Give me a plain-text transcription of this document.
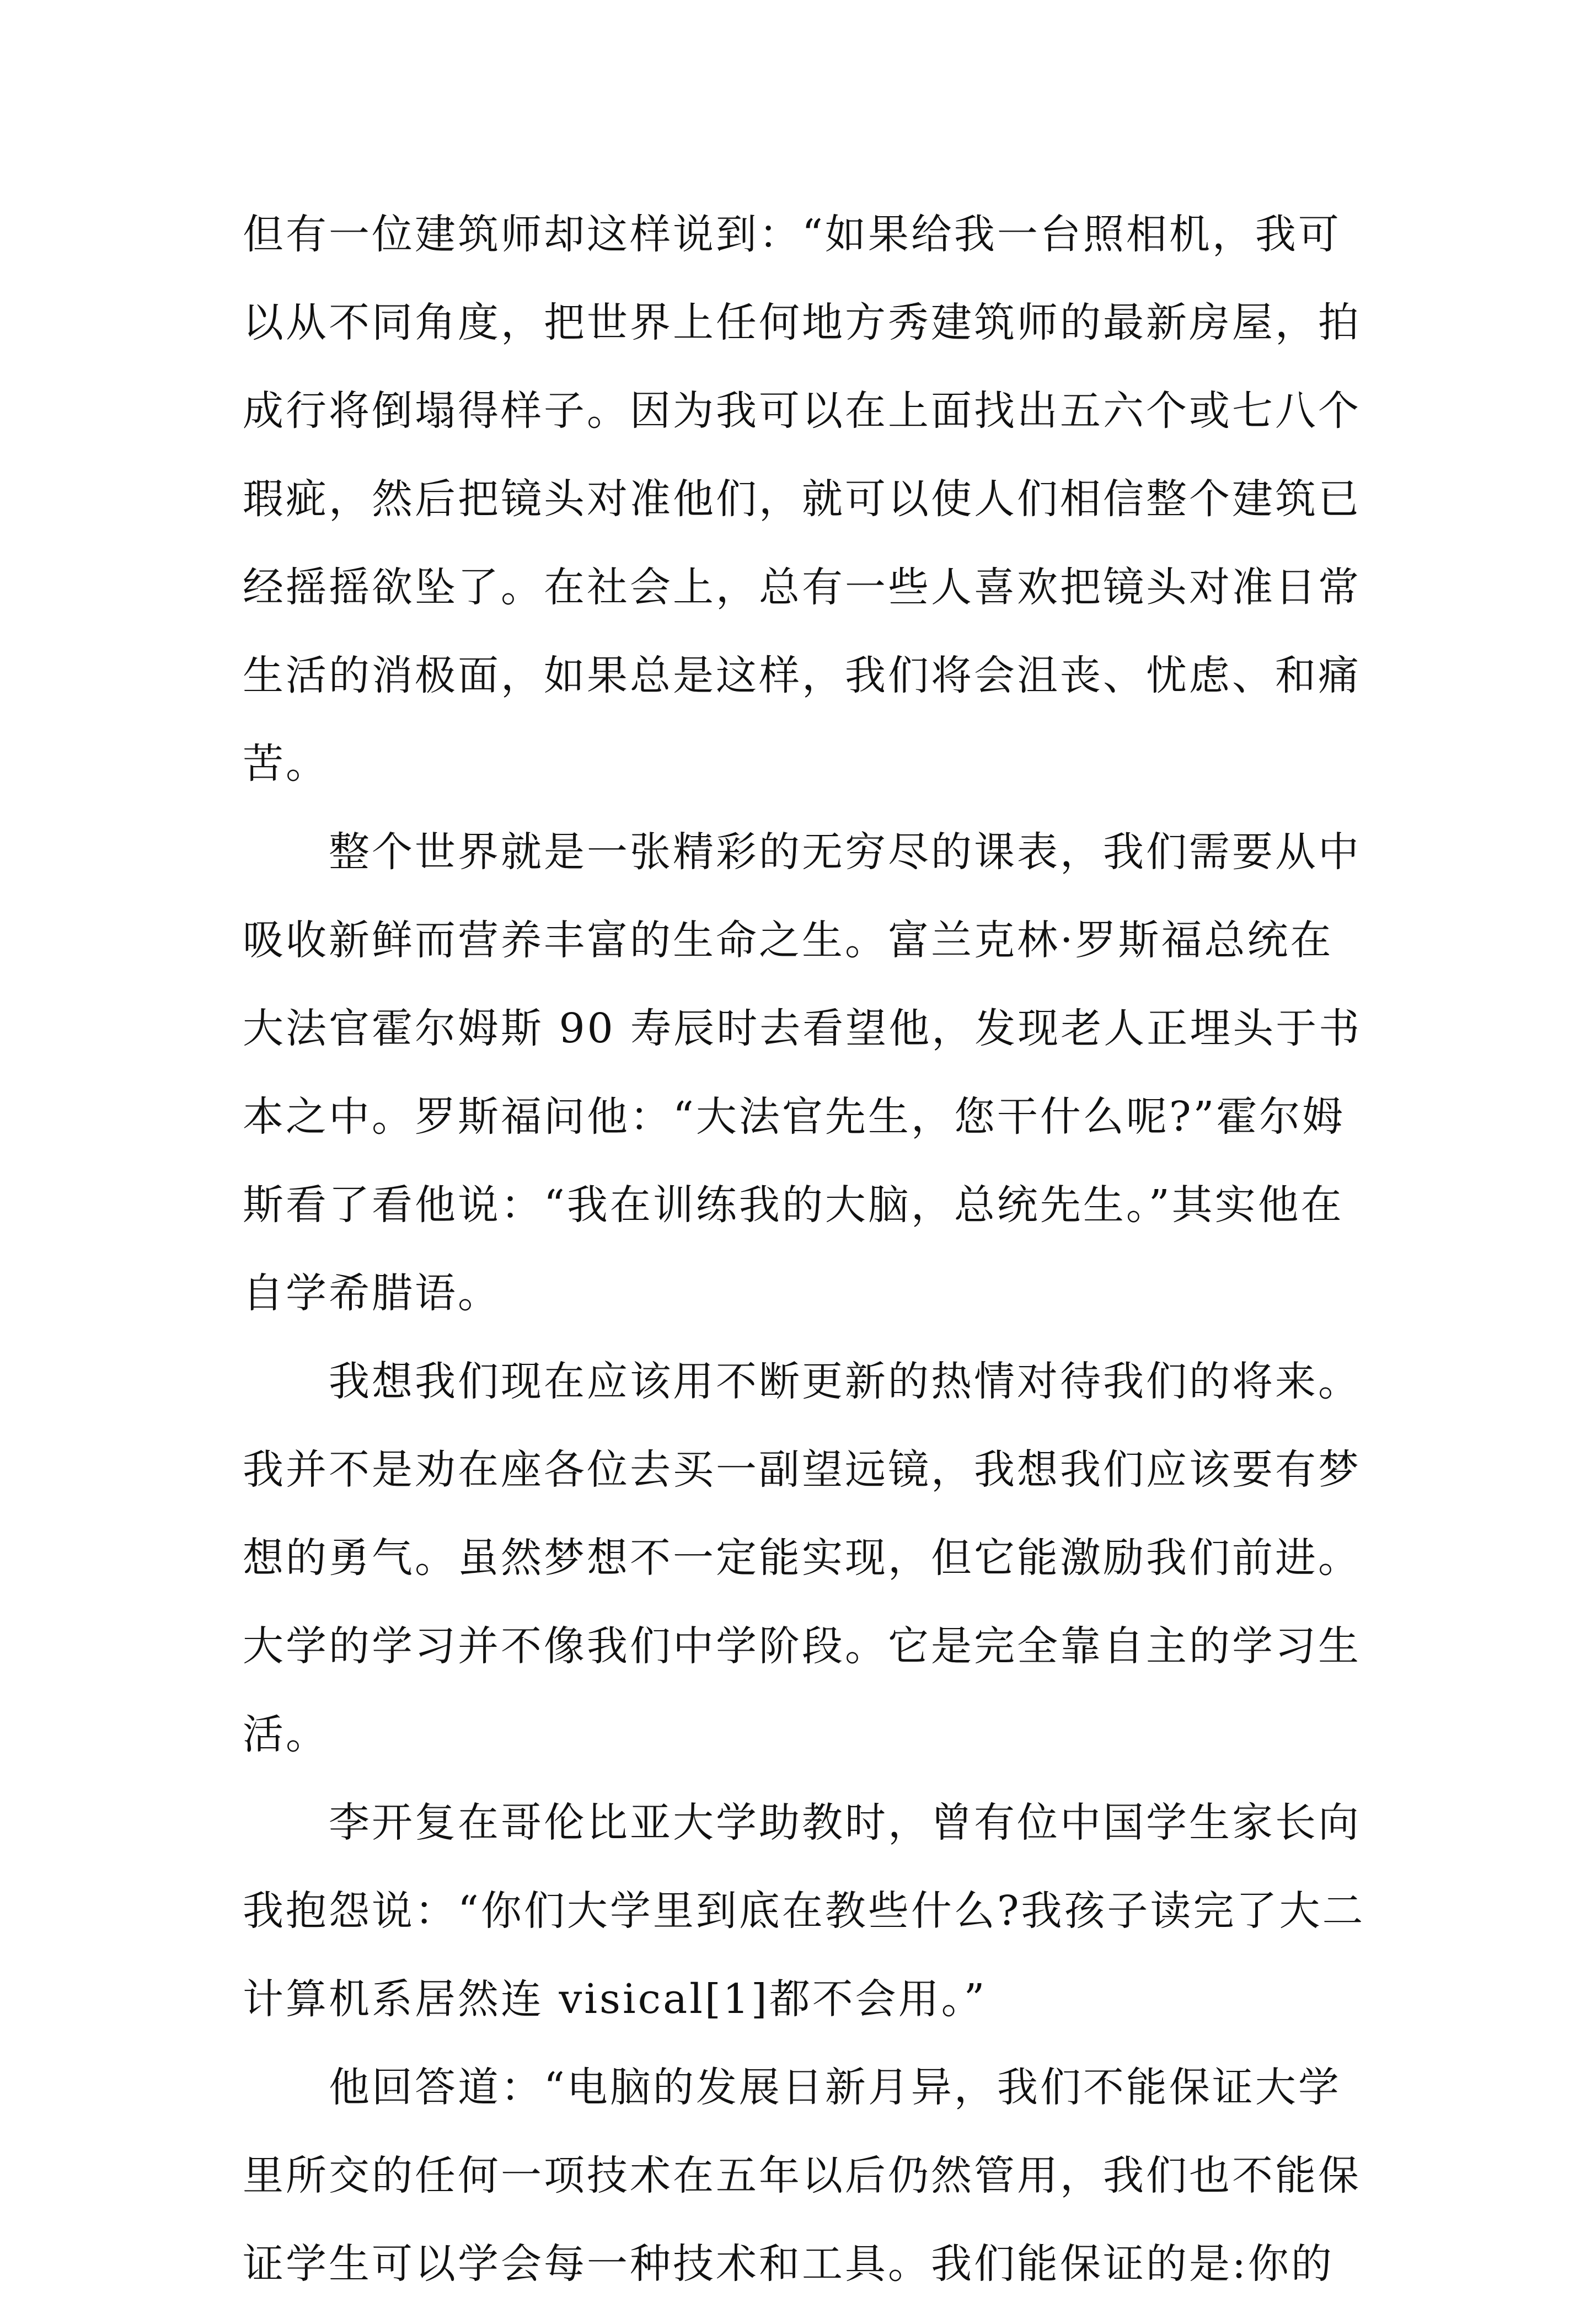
但有一位建筑师却这样说到：“如果给我一台照相机，我可
以从不同角度，把世界上任何地方秀建筑师的最新房屋，拍
成行将倒塌得样子。因为我可以在上面找出五六个或七八个
瑕疵，然后把镜头对准他们，就可以使人们相信整个建筑已
经摇摇欲坠了。在社会上，总有一些人喜欢把镜头对准日常
生活的消极面，如果总是这样，我们将会沮丧、忧虑、和痛
苦。
　　整个世界就是一张精彩的无穷尽的课表，我们需要从中
吸收新鲜而营养丰富的生命之生。富兰克林·罗斯福总统在
大法官霍尔姆斯 90 寿辰时去看望他，发现老人正埋头于书
本之中。罗斯福问他：“大法官先生，您干什么呢?”霍尔姆
斯看了看他说：“我在训练我的大脑，总统先生。”其实他在
自学希腊语。
　　我想我们现在应该用不断更新的热情对待我们的将来。
我并不是劝在座各位去买一副望远镜，我想我们应该要有梦
想的勇气。虽然梦想不一定能实现，但它能激励我们前进。
大学的学习并不像我们中学阶段。它是完全靠自主的学习生
活。
　　李开复在哥伦比亚大学助教时，曾有位中国学生家长向
我抱怨说：“你们大学里到底在教些什么?我孩子读完了大二
计算机系居然连 visical[1]都不会用。”
　　他回答道：“电脑的发展日新月异，我们不能保证大学
里所交的任何一项技术在五年以后仍然管用，我们也不能保
证学生可以学会每一种技术和工具。我们能保证的是:你的
